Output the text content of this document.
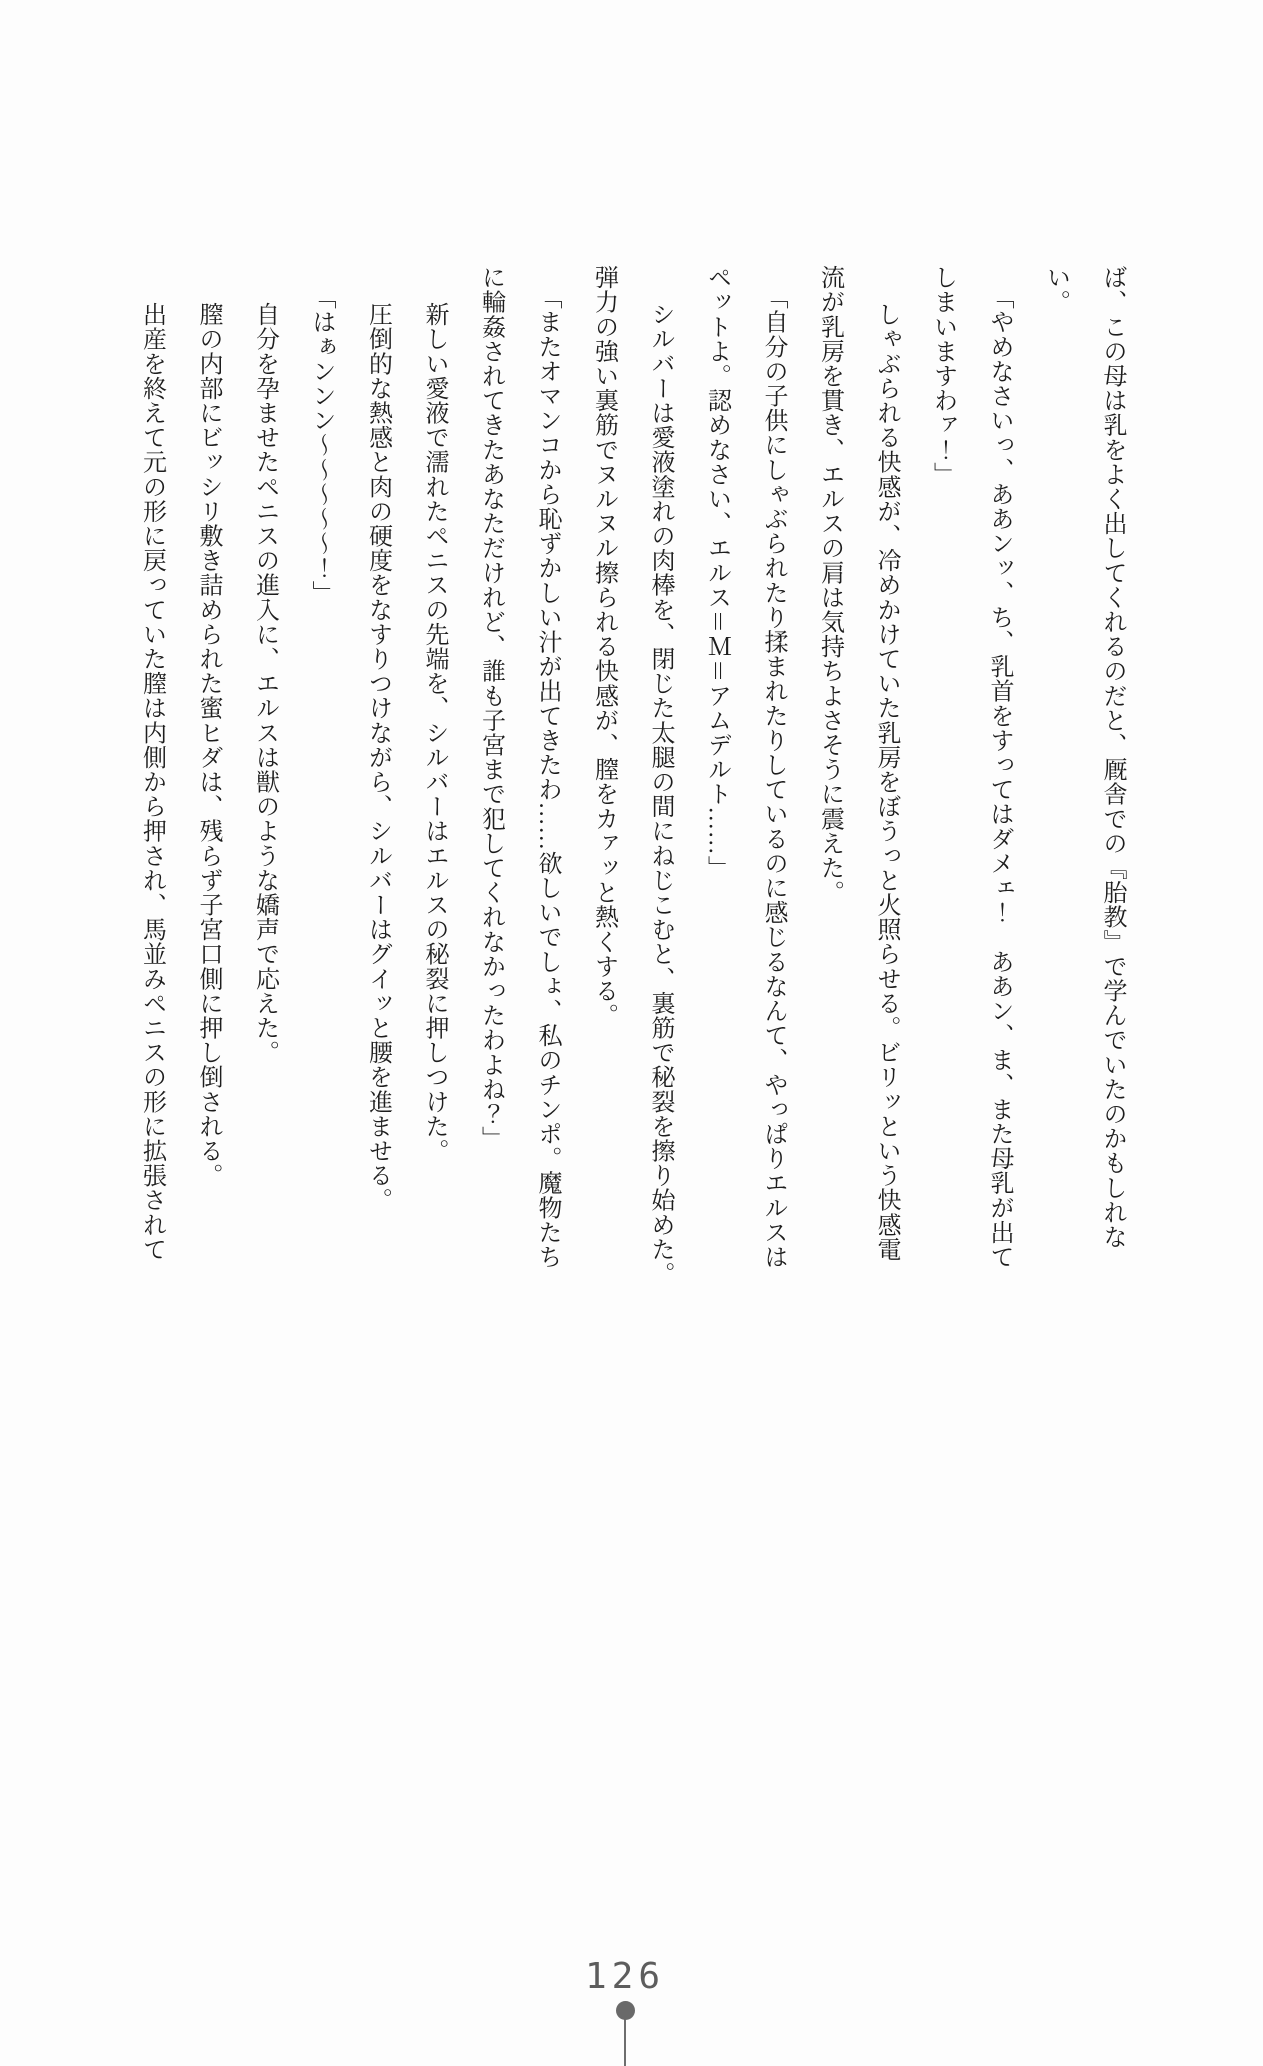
ば、この母は乳をよく出してくれるのだと、厩舎での『胎教』で学んでいたのかもしれな
い。
「やめなさいっ、ああンッ、ち、乳首をすってはダメェ！　ああン、ま、また母乳が出て
しまいますわァ！」
しゃぶられる快感が、冷めかけていた乳房をぼうっと火照らせる。ビリッという快感電
流が乳房を貫き、エルスの肩は気持ちよさそうに震えた。
「自分の子供にしゃぶられたり揉まれたりしているのに感じるなんて、やっぱりエルスは
ペットよ。認めなさい、エルス＝Ｍ＝アムデルト……」
シルバーは愛液塗れの肉棒を、閉じた太腿の間にねじこむと、裏筋で秘裂を擦り始めた。
弾力の強い裏筋でヌルヌル擦られる快感が、膣をカァッと熱くする。
「またオマンコから恥ずかしい汁が出てきたわ……欲しいでしょ、私のチンポ。魔物たち
に輪姦されてきたあなただけれど、誰も子宮まで犯してくれなかったわよね？」
新しい愛液で濡れたペニスの先端を、シルバーはエルスの秘裂に押しつけた。
圧倒的な熱感と肉の硬度をなすりつけながら、シルバーはグイッと腰を進ませる。
「はぁンンン〜〜〜〜〜！」
自分を孕ませたペニスの進入に、エルスは獣のような嬌声で応えた。
膣の内部にビッシリ敷き詰められた蜜ヒダは、残らず子宮口側に押し倒される。
出産を終えて元の形に戻っていた膣は内側から押され、馬並みペニスの形に拡張されて
126
